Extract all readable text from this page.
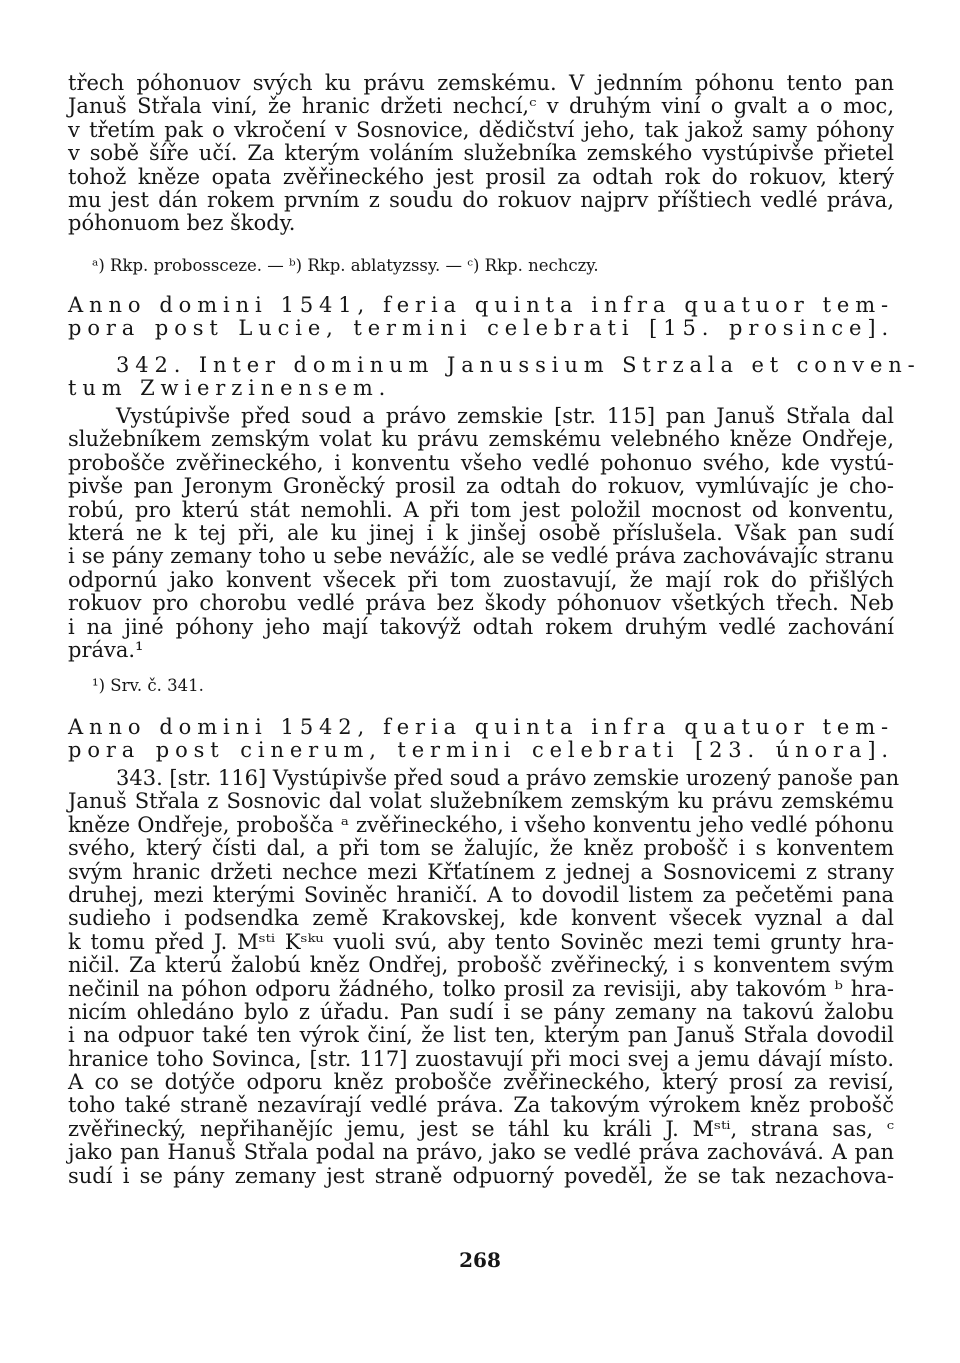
třech póhonuov svých ku právu zemskému. V jednním póhonu tento pan
Januš Střala viní, že hranic držeti nechcí,ᶜ v druhým viní o gvalt a o moc,
v třetím pak o vkročení v Sosnovice, dědičství jeho, tak jakož samy póhony
v sobě šíře učí. Za kterým voláním služebníka zemského vystúpivše přietel
tohož kněze opata zvěřineckého jest prosil za odtah rok do rokuov, který
mu jest dán rokem prvním z soudu do rokuov najprv příštiech vedlé práva,
póhonuom bez škody.
ᵃ) Rkp. probossceze. — ᵇ) Rkp. ablatyzssy. — ᶜ) Rkp. nechczy.
Anno domini 1541, feria quinta infra quatuor tem-
pora post Lucie, termini celebrati [15. prosince].
342. Inter dominum Janussium Strzala et conven-
tum Zwierzinensem.
Vystúpivše před soud a právo zemskie [str. 115] pan Januš Střala dal
služebníkem zemským volat ku právu zemskému velebného kněze Ondřeje,
probošče zvěřineckého, i konventu všeho vedlé pohonuo svého, kde vystú-
pivše pan Jeronym Groněcký prosil za odtah do rokuov, vymlúvajíc je cho-
robú, pro kterú stát nemohli. A při tom jest položil mocnost od konventu,
která ne k tej při, ale ku jinej i k jinšej osobě příslušela. Však pan sudí
i se pány zemany toho u sebe nevážíc, ale se vedlé práva zachovávajíc stranu
odpornú jako konvent všecek při tom zuostavují, že mají rok do přišlých
rokuov pro chorobu vedlé práva bez škody póhonuov všetkých třech. Neb
i na jiné póhony jeho mají takovýž odtah rokem druhým vedlé zachování
práva.¹
¹) Srv. č. 341.
Anno domini 1542, feria quinta infra quatuor tem-
pora post cinerum, termini celebrati [23. února].
343. [str. 116] Vystúpivše před soud a právo zemskie urozený panoše pan
Januš Střala z Sosnovic dal volat služebníkem zemským ku právu zemskému
kněze Ondřeje, probošča ᵃ zvěřineckého, i všeho konventu jeho vedlé póhonu
svého, který čísti dal, a při tom se žalujíc, že kněz probošč i s konventem
svým hranic držeti nechce mezi Křťatínem z jednej a Sosnovicemi z strany
druhej, mezi kterými Soviněc hraničí. A to dovodil listem za pečetěmi pana
sudieho i podsendka země Krakovskej, kde konvent všecek vyznal a dal
k tomu před J. Mˢᵗⁱ Kˢᵏᵘ vuoli svú, aby tento Soviněc mezi temi grunty hra-
ničil. Za kterú žalobú kněz Ondřej, probošč zvěřinecký, i s konventem svým
nečinil na póhon odporu žádného, tolko prosil za revisiji, aby takovóm ᵇ hra-
nicím ohledáno bylo z úřadu. Pan sudí i se pány zemany na takovú žalobu
i na odpuor také ten výrok činí, že list ten, kterým pan Januš Střala dovodil
hranice toho Sovinca, [str. 117] zuostavují při moci svej a jemu dávají místo.
A co se dotýče odporu kněz probošče zvěřineckého, který prosí za revisí,
toho také straně nezavírají vedlé práva. Za takovým výrokem kněz probošč
zvěřinecký, nepřihanějíc jemu, jest se táhl ku králi J. Mˢᵗⁱ, strana sas, ᶜ
jako pan Hanuš Střala podal na právo, jako se vedlé práva zachovává. A pan
sudí i se pány zemany jest straně odpuorný poveděl, že se tak nezachova-
268
